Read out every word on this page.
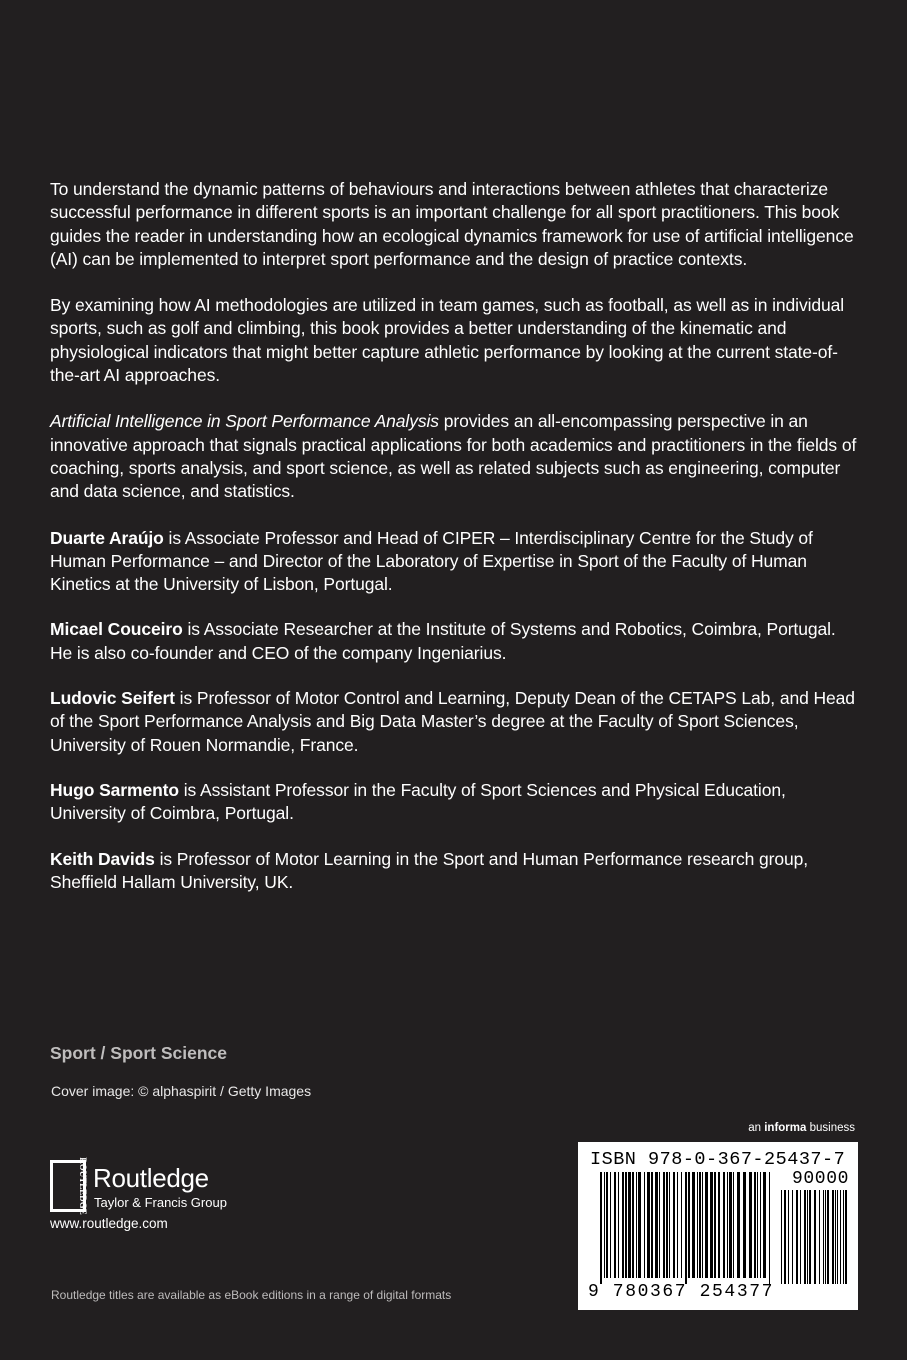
To understand the dynamic patterns of behaviours and interactions between athletes that characterize successful performance in different sports is an important challenge for all sport practitioners. This book guides the reader in understanding how an ecological dynamics framework for use of artificial intelligence (AI) can be implemented to interpret sport performance and the design of practice contexts.

By examining how AI methodologies are utilized in team games, such as football, as well as in individual sports, such as golf and climbing, this book provides a better understanding of the kinematic and physiological indicators that might better capture athletic performance by looking at the current state-of-the-art AI approaches.

Artificial Intelligence in Sport Performance Analysis provides an all-encompassing perspective in an innovative approach that signals practical applications for both academics and practitioners in the fields of coaching, sports analysis, and sport science, as well as related subjects such as engineering, computer and data science, and statistics.

Duarte Araújo is Associate Professor and Head of CIPER – Interdisciplinary Centre for the Study of Human Performance – and Director of the Laboratory of Expertise in Sport of the Faculty of Human Kinetics at the University of Lisbon, Portugal.

Micael Couceiro is Associate Researcher at the Institute of Systems and Robotics, Coimbra, Portugal. He is also co-founder and CEO of the company Ingeniarius.

Ludovic Seifert is Professor of Motor Control and Learning, Deputy Dean of the CETAPS Lab, and Head of the Sport Performance Analysis and Big Data Master’s degree at the Faculty of Sport Sciences, University of Rouen Normandie, France.

Hugo Sarmento is Assistant Professor in the Faculty of Sport Sciences and Physical Education, University of Coimbra, Portugal.

Keith Davids is Professor of Motor Learning in the Sport and Human Performance research group, Sheffield Hallam University, UK.

Sport / Sport Science
Cover image: © alphaspirit / Getty Images
an informa business
ROUTLEDGE Routledge
Taylor & Francis Group
www.routledge.com
Routledge titles are available as eBook editions in a range of digital formats
ISBN 978-0-367-25437-7
90000
9 780367 254377
